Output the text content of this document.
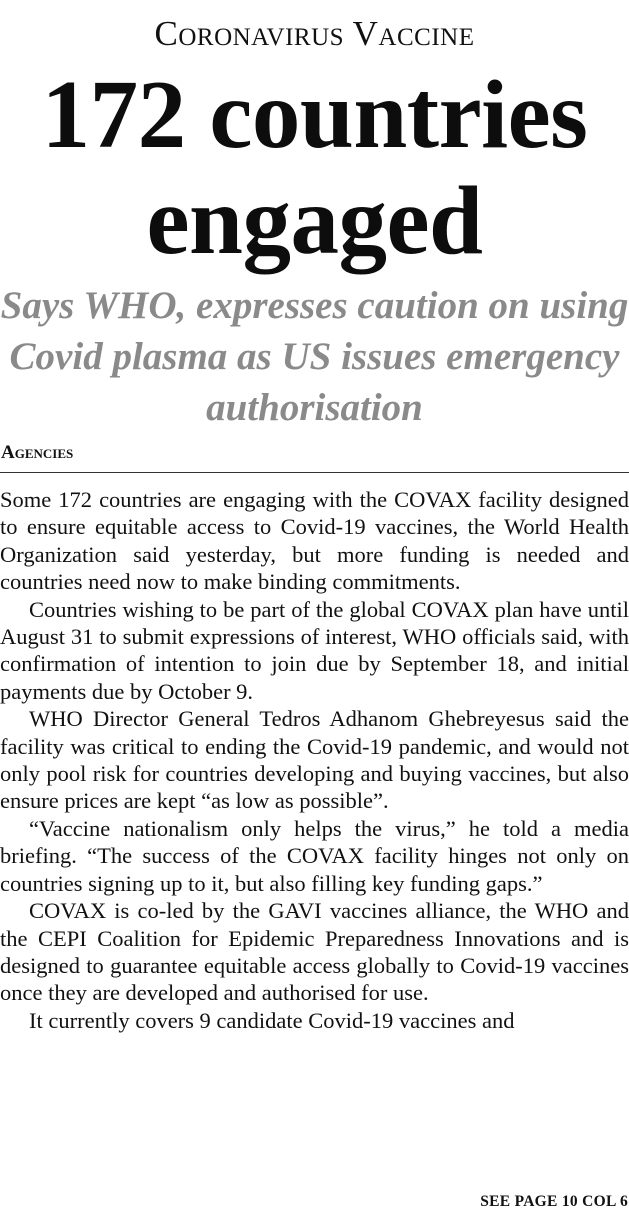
Coronavirus Vaccine
172 countries engaged
Says WHO, expresses caution on using Covid plasma as US issues emergency authorisation
Agencies

Some 172 countries are engaging with the COVAX facility designed to ensure equitable access to Covid-19 vaccines, the World Health Organization said yesterday, but more funding is needed and countries need now to make binding commitments.

Countries wishing to be part of the global COVAX plan have until August 31 to submit expressions of interest, WHO officials said, with confirmation of intention to join due by September 18, and initial payments due by October 9.

WHO Director General Tedros Adhanom Ghebreyesus said the facility was critical to ending the Covid-19 pandemic, and would not only pool risk for countries developing and buying vaccines, but also ensure prices are kept “as low as possible”.

“Vaccine nationalism only helps the virus,” he told a media briefing. “The success of the COVAX facility hinges not only on countries signing up to it, but also filling key funding gaps.”

COVAX is co-led by the GAVI vaccines alliance, the WHO and the CEPI Coalition for Epidemic Preparedness Innovations and is designed to guarantee equitable access globally to Covid-19 vaccines once they are developed and authorised for use.

It currently covers 9 candidate Covid-19 vaccines and

SEE PAGE 10 COL 6
